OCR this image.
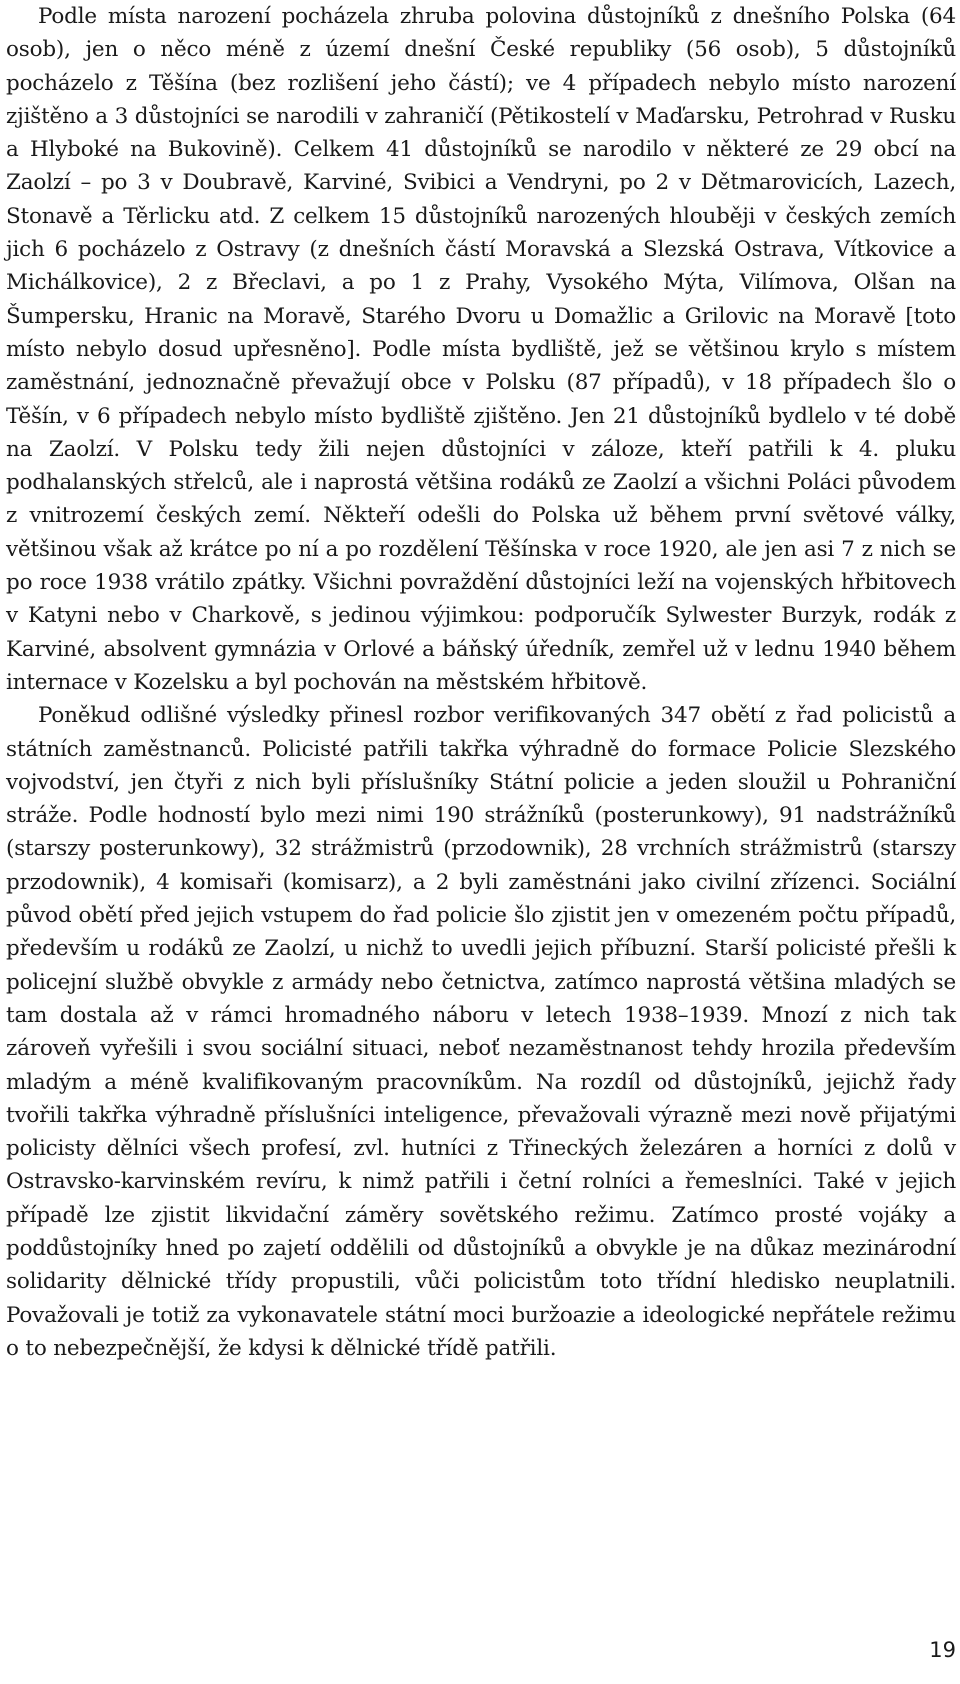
Podle místa narození pocházela zhruba polovina důstojníků z dnešního Polska (64 osob), jen o něco méně z území dnešní České republiky (56 osob), 5 důstojníků pocházelo z Těšína (bez rozlišení jeho částí); ve 4 případech nebylo místo narození zjištěno a 3 důstojníci se narodili v zahraničí (Pětikostelí v Maďarsku, Petrohrad v Rusku a Hlyboké na Bukovině). Celkem 41 důstojníků se narodilo v některé ze 29 obcí na Zaolzí – po 3 v Doubravě, Karviné, Svibici a Vendryni, po 2 v Dětmarovicích, Lazech, Stonavě a Těrlicku atd. Z celkem 15 důstojníků narozených hlouběji v českých zemích jich 6 pocházelo z Ostravy (z dnešních částí Moravská a Slezská Ostrava, Vítkovice a Michálkovice), 2 z Břeclavi, a po 1 z Prahy, Vysokého Mýta, Vilímova, Olšan na Šumpersku, Hranic na Moravě, Starého Dvoru u Domažlic a Grilovic na Moravě [toto místo nebylo dosud upřesněno]. Podle místa bydliště, jež se většinou krylo s místem zaměstnání, jednoznačně převažují obce v Polsku (87 případů), v 18 případech šlo o Těšín, v 6 případech nebylo místo bydliště zjištěno. Jen 21 důstojníků bydlelo v té době na Zaolzí. V Polsku tedy žili nejen důstojníci v záloze, kteří patřili k 4. pluku podhalanských střelců, ale i naprostá většina rodáků ze Zaolzí a všichni Poláci původem z vnitrozemí českých zemí. Někteří odešli do Polska už během první světové války, většinou však až krátce po ní a po rozdělení Těšínska v roce 1920, ale jen asi 7 z nich se po roce 1938 vrátilo zpátky. Všichni povraždění důstojníci leží na vojenských hřbitovech v Katyni nebo v Charkově, s jedinou výjimkou: podporučík Sylwester Burzyk, rodák z Karviné, absolvent gymnázia v Orlové a báňský úředník, zemřel už v lednu 1940 během internace v Kozelsku a byl pochován na městském hřbitově.

Poněkud odlišné výsledky přinesl rozbor verifikovaných 347 obětí z řad policistů a státních zaměstnanců. Policisté patřili takřka výhradně do formace Policie Slezského vojvodství, jen čtyři z nich byli příslušníky Státní policie a jeden sloužil u Pohraniční stráže. Podle hodností bylo mezi nimi 190 strážníků (posterunkowy), 91 nadstrážníků (starszy posterunkowy), 32 strážmistrů (przodownik), 28 vrchních strážmistrů (starszy przodownik), 4 komisaři (komisarz), a 2 byli zaměstnáni jako civilní zřízenci. Sociální původ obětí před jejich vstupem do řad policie šlo zjistit jen v omezeném počtu případů, především u rodáků ze Zaolzí, u nichž to uvedli jejich příbuzní. Starší policisté přešli k policejní službě obvykle z armády nebo četnictva, zatímco naprostá většina mladých se tam dostala až v rámci hromadného náboru v letech 1938–1939. Mnozí z nich tak zároveň vyřešili i svou sociální situaci, neboť nezaměstnanost tehdy hrozila především mladým a méně kvalifikovaným pracovníkům. Na rozdíl od důstojníků, jejichž řady tvořili takřka výhradně příslušníci inteligence, převažovali výrazně mezi nově přijatými policisty dělníci všech profesí, zvl. hutníci z Třineckých železáren a horníci z dolů v Ostravsko-karvinském revíru, k nimž patřili i četní rolníci a řemeslníci. Také v jejich případě lze zjistit likvidační záměry sovětského režimu. Zatímco prosté vojáky a poddůstojníky hned po zajetí oddělili od důstojníků a obvykle je na důkaz mezinárodní solidarity dělnické třídy propustili, vůči policistům toto třídní hledisko neuplatnili. Považovali je totiž za vykonavatele státní moci buržoazie a ideologické nepřátele režimu o to nebezpečnější, že kdysi k dělnické třídě patřili.

19
